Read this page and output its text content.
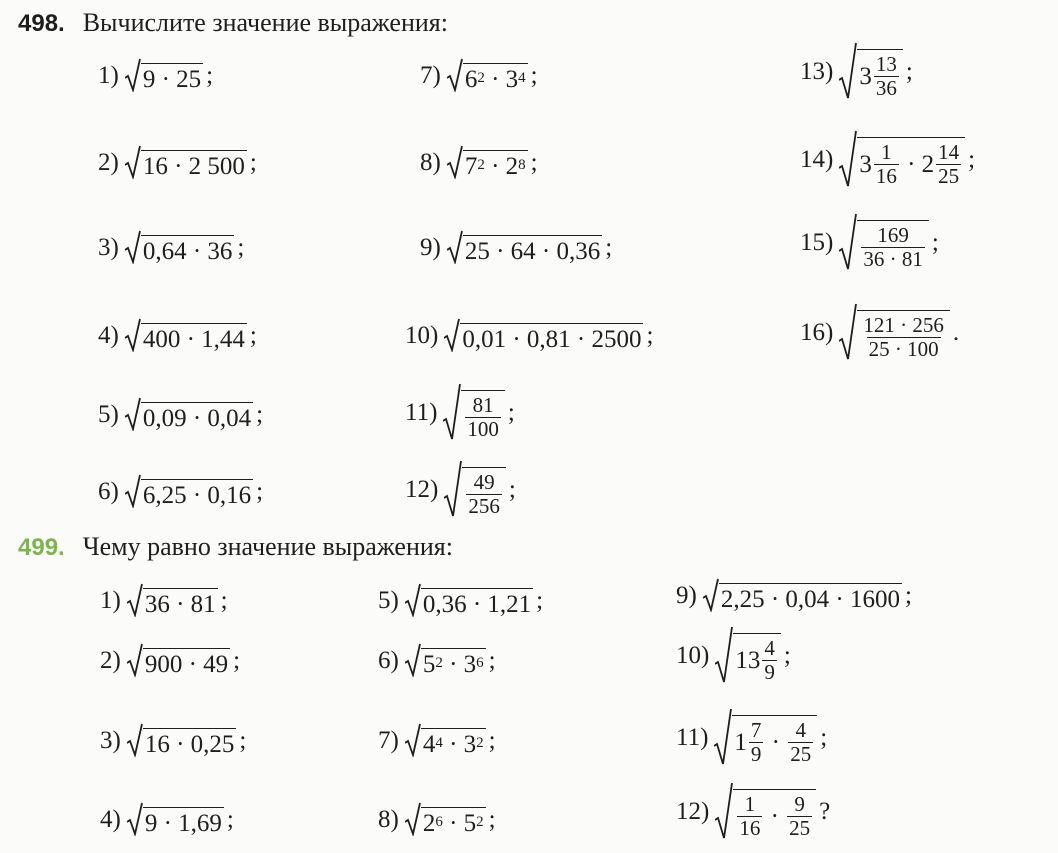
498. Вычислите значение выражения:
1) 9 · 25 ;
2) 16 · 2 500 ;
3) 0,64 · 36 ;
4) 400 · 1,44 ;
5) 0,09 · 0,04 ;
6) 6,25 · 0,16 ;
7) 6 2 · 3 4 ;
8) 7 2 · 2 8 ;
9) 25 · 64 · 0,36 ;
10) 0,01 · 0,81 · 2500 ;
$11) \frac{81}{100}$ ;
$12) \frac{49}{256}$ ;
13) $3 \frac{13}{36}$ ;
14) $3 \frac{1}{16} \cdot 2 \frac{14}{25}$ ;
$15) \frac{169}{36 \cdot 81}$ ;
$16) \frac{121 \cdot 256}{25 \cdot 100}$ .
499. Чему равно значение выражения:
1) 36 · 81 ;
2) 900 · 49 ;
3) 16 · 0,25 ;
4) 9 · 1,69 ;
5) 0,36 · 1,21 ;
6) 5 2 · 3 6 ;
7) 4 4 · 3 2 ;
8) 2 6 · 5 2 ;
9) 2,25 · 0,04 · 1600 ;
10) $13 \frac{4}{9}$ ;
11) $1 \frac{7}{9}$
·
$\frac{4}{25}$ ;
$12) \frac{1}{16}$
·
$\frac{9}{25}$ ?
